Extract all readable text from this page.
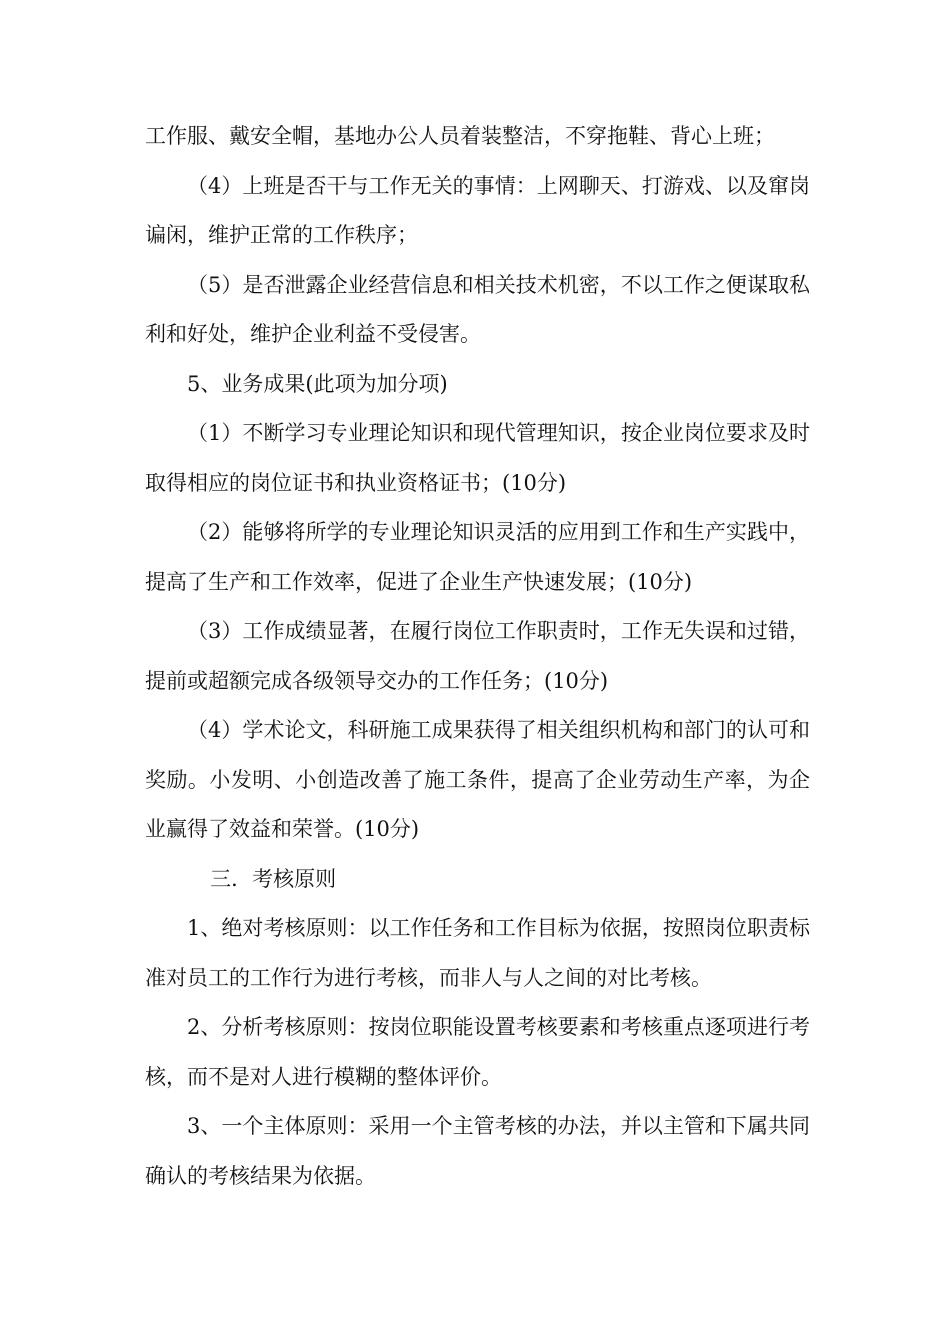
工作服、戴安全帽，基地办公人员着装整洁，不穿拖鞋、背心上班；

（4）上班是否干与工作无关的事情：上网聊天、打游戏、以及窜岗谝闲，维护正常的工作秩序；

（5）是否泄露企业经营信息和相关技术机密，不以工作之便谋取私利和好处，维护企业利益不受侵害。

5、业务成果(此项为加分项)

（1）不断学习专业理论知识和现代管理知识，按企业岗位要求及时取得相应的岗位证书和执业资格证书；(10分)

（2）能够将所学的专业理论知识灵活的应用到工作和生产实践中，提高了生产和工作效率，促进了企业生产快速发展；(10分)

（3）工作成绩显著，在履行岗位工作职责时，工作无失误和过错，提前或超额完成各级领导交办的工作任务；(10分)

（4）学术论文，科研施工成果获得了相关组织机构和部门的认可和奖励。小发明、小创造改善了施工条件，提高了企业劳动生产率，为企业赢得了效益和荣誉。(10分)

三．考核原则

1、绝对考核原则：以工作任务和工作目标为依据，按照岗位职责标准对员工的工作行为进行考核，而非人与人之间的对比考核。

2、分析考核原则：按岗位职能设置考核要素和考核重点逐项进行考核，而不是对人进行模糊的整体评价。

3、一个主体原则：采用一个主管考核的办法，并以主管和下属共同确认的考核结果为依据。
